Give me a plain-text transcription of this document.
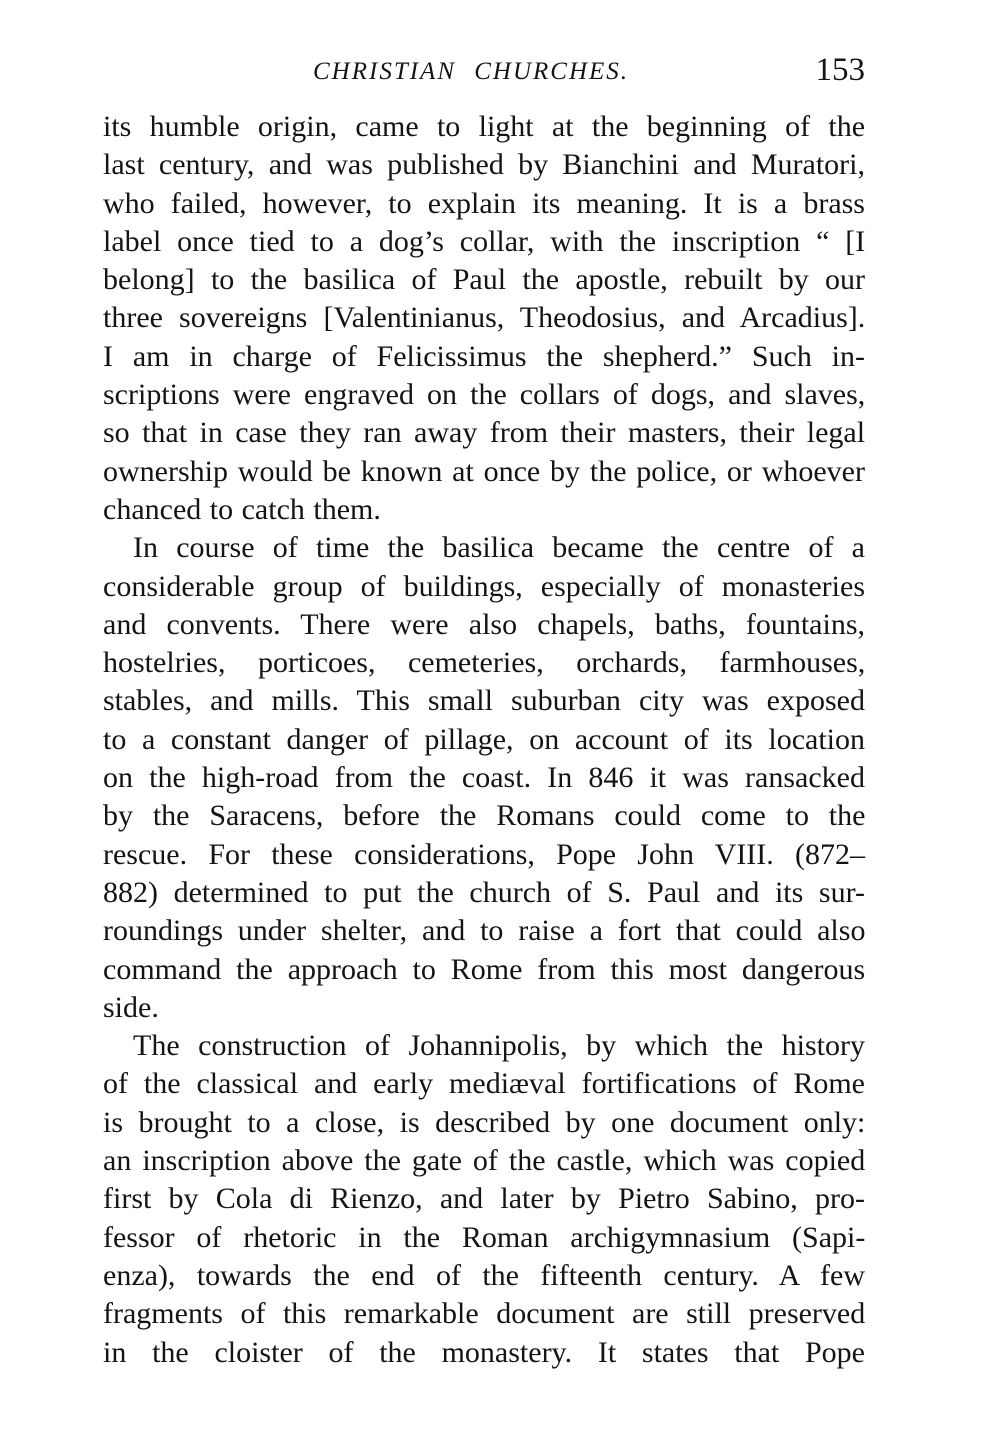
CHRISTIAN CHURCHES.	153
its humble origin, came to light at the beginning of the
last century, and was published by Bianchini and Muratori,
who failed, however, to explain its meaning. It is a brass
label once tied to a dog’s collar, with the inscription “ [I
belong] to the basilica of Paul the apostle, rebuilt by our
three sovereigns [Valentinianus, Theodosius, and Arcadius].
I am in charge of Felicissimus the shepherd.” Such in-
scriptions were engraved on the collars of dogs, and slaves,
so that in case they ran away from their masters, their legal
ownership would be known at once by the police, or whoever
chanced to catch them.
In course of time the basilica became the centre of a
considerable group of buildings, especially of monasteries
and convents. There were also chapels, baths, fountains,
hostelries, porticoes, cemeteries, orchards, farmhouses,
stables, and mills. This small suburban city was exposed
to a constant danger of pillage, on account of its location
on the high-road from the coast. In 846 it was ransacked
by the Saracens, before the Romans could come to the
rescue. For these considerations, Pope John VIII. (872–
882) determined to put the church of S. Paul and its sur-
roundings under shelter, and to raise a fort that could also
command the approach to Rome from this most dangerous
side.
The construction of Johannipolis, by which the history
of the classical and early mediæval fortifications of Rome
is brought to a close, is described by one document only:
an inscription above the gate of the castle, which was copied
first by Cola di Rienzo, and later by Pietro Sabino, pro-
fessor of rhetoric in the Roman archigymnasium (Sapi-
enza), towards the end of the fifteenth century. A few
fragments of this remarkable document are still preserved
in the cloister of the monastery. It states that Pope
